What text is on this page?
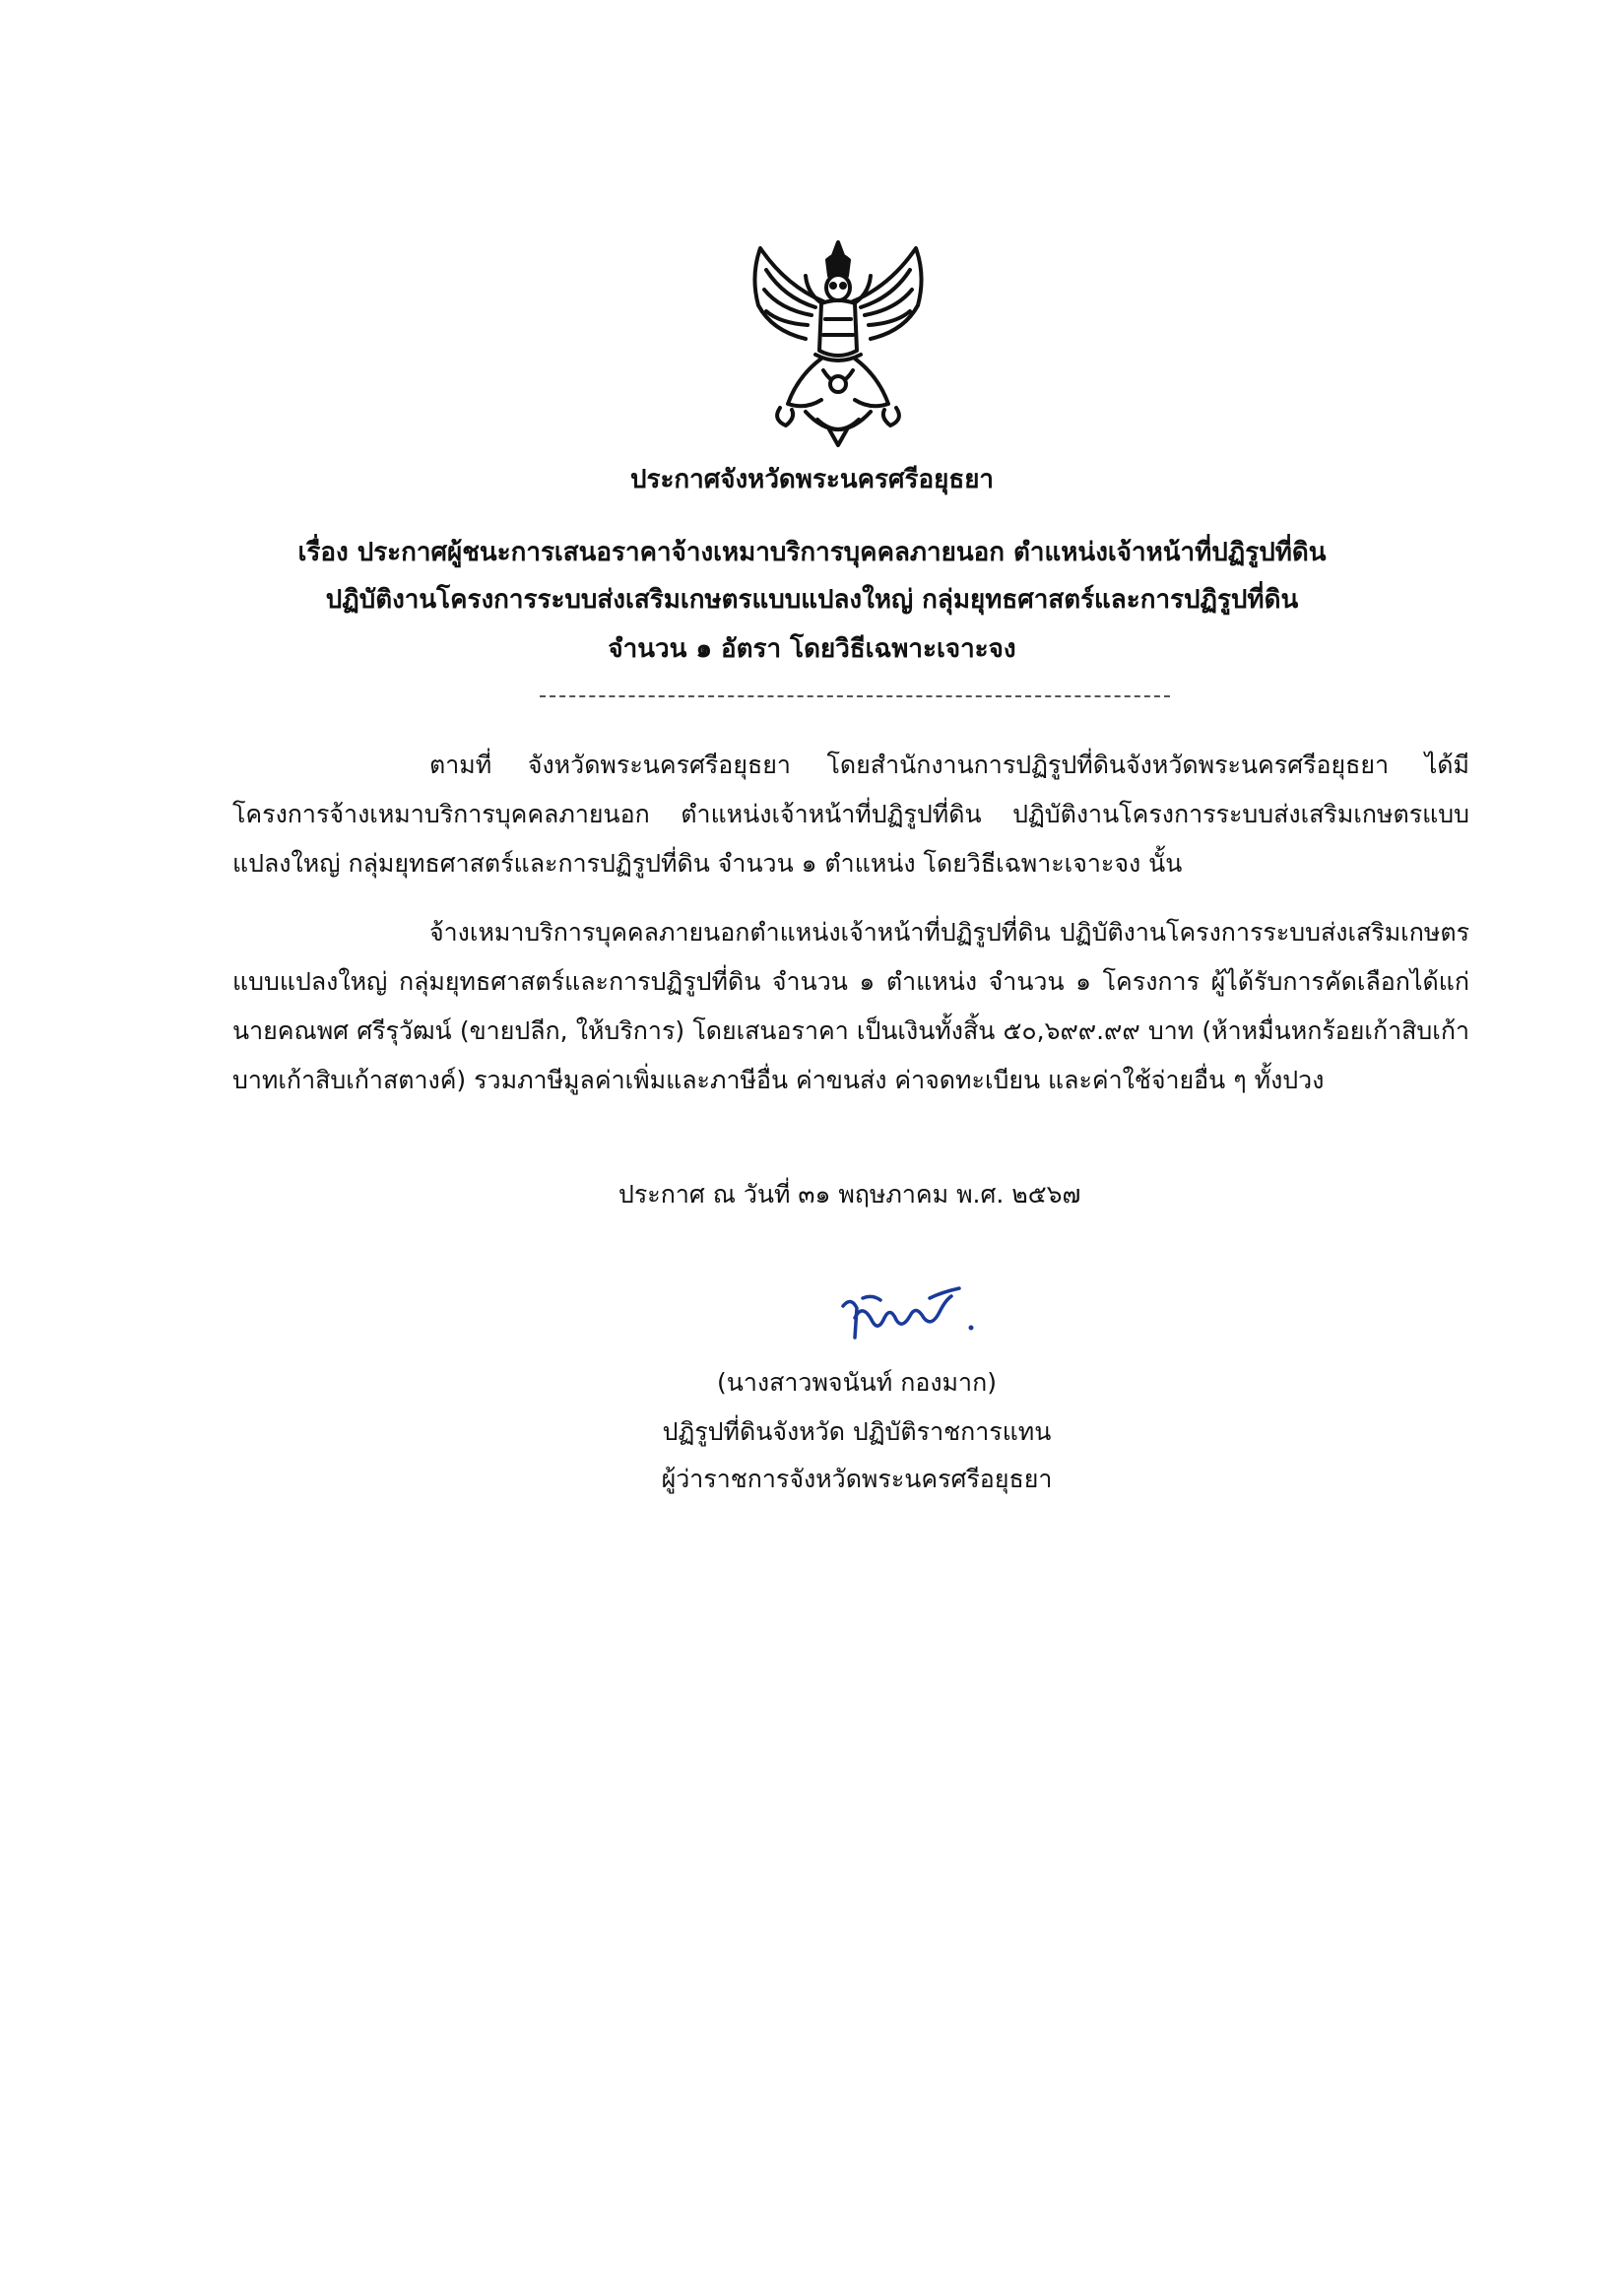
ประกาศจังหวัดพระนครศรีอยุธยา
เรื่อง ประกาศผู้ชนะการเสนอราคาจ้างเหมาบริการบุคคลภายนอก ตำแหน่งเจ้าหน้าที่ปฏิรูปที่ดิน
ปฏิบัติงานโครงการระบบส่งเสริมเกษตรแบบแปลงใหญ่ กลุ่มยุทธศาสตร์และการปฏิรูปที่ดิน
จำนวน ๑ อัตรา โดยวิธีเฉพาะเจาะจง
ตามที่ จังหวัดพระนครศรีอยุธยา โดยสำนักงานการปฏิรูปที่ดินจังหวัดพระนครศรีอยุธยา ได้มีโครงการจ้างเหมาบริการบุคคลภายนอก ตำแหน่งเจ้าหน้าที่ปฏิรูปที่ดิน ปฏิบัติงานโครงการระบบส่งเสริมเกษตรแบบแปลงใหญ่ กลุ่มยุทธศาสตร์และการปฏิรูปที่ดิน จำนวน ๑ ตำแหน่ง โดยวิธีเฉพาะเจาะจง นั้น
จ้างเหมาบริการบุคคลภายนอกตำแหน่งเจ้าหน้าที่ปฏิรูปที่ดิน ปฏิบัติงานโครงการระบบส่งเสริมเกษตรแบบแปลงใหญ่ กลุ่มยุทธศาสตร์และการปฏิรูปที่ดิน จำนวน ๑ ตำแหน่ง จำนวน ๑ โครงการ ผู้ได้รับการคัดเลือกได้แก่ นายคณพศ ศรีรุวัฒน์ (ขายปลีก, ให้บริการ) โดยเสนอราคา เป็นเงินทั้งสิ้น ๕๐,๖๙๙.๙๙ บาท (ห้าหมื่นหกร้อยเก้าสิบเก้าบาทเก้าสิบเก้าสตางค์) รวมภาษีมูลค่าเพิ่มและภาษีอื่น ค่าขนส่ง ค่าจดทะเบียน และค่าใช้จ่ายอื่น ๆ ทั้งปวง
ประกาศ ณ วันที่ ๓๑ พฤษภาคม พ.ศ. ๒๕๖๗
(นางสาวพจนันท์ กองมาก)
ปฏิรูปที่ดินจังหวัด ปฏิบัติราชการแทน
ผู้ว่าราชการจังหวัดพระนครศรีอยุธยา
